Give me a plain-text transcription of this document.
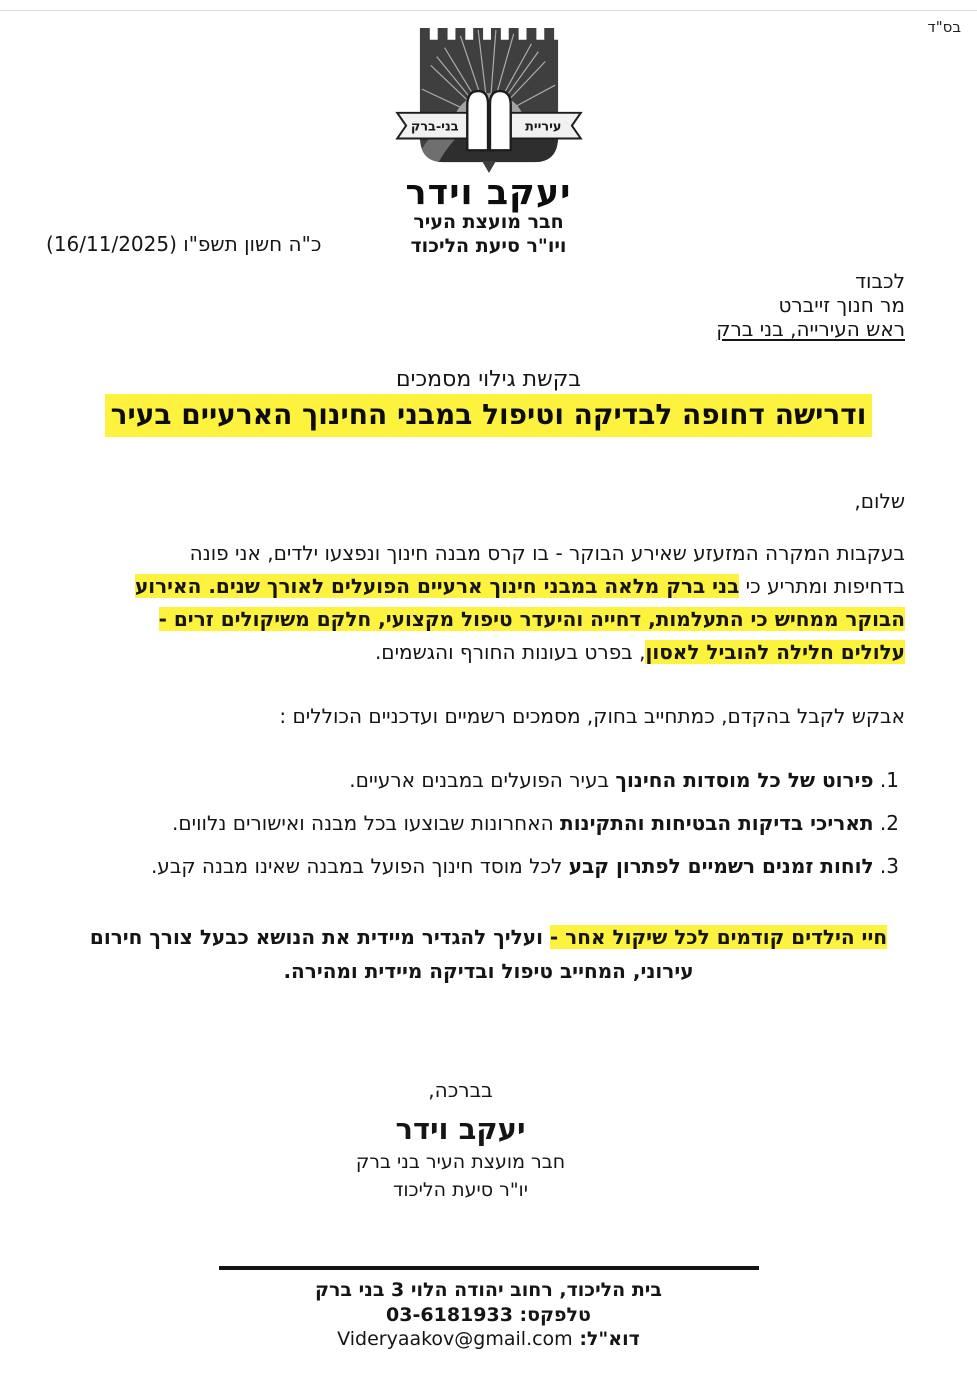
בס"ד
בני-ברק	עיריית
יעקב וידר
חבר מועצת העיר
ויו"ר סיעת הליכוד
כ"ה חשון תשפ"ו (16/11/2025)
לכבוד
מר חנוך זייברט
ראש העירייה, בני ברק
בקשת גילוי מסמכים
ודרישה דחופה לבדיקה וטיפול במבני החינוך הארעיים בעיר
שלום,
בעקבות המקרה המזעזע שאירע הבוקר - בו קרס מבנה חינוך ונפצעו ילדים, אני פונה
בדחיפות ומתריע כי בני ברק מלאה במבני חינוך ארעיים הפועלים לאורך שנים. האירוע
הבוקר ממחיש כי התעלמות, דחייה והיעדר טיפול מקצועי, חלקם משיקולים זרים -
עלולים חלילה להוביל לאסון, בפרט בעונות החורף והגשמים.
אבקש לקבל בהקדם, כמתחייב בחוק, מסמכים רשמיים ועדכניים הכוללים :
1. פירוט של כל מוסדות החינוך בעיר הפועלים במבנים ארעיים.
2. תאריכי בדיקות הבטיחות והתקינות האחרונות שבוצעו בכל מבנה ואישורים נלווים.
3. לוחות זמנים רשמיים לפתרון קבע לכל מוסד חינוך הפועל במבנה שאינו מבנה קבע.
חיי הילדים קודמים לכל שיקול אחר - ועליך להגדיר מיידית את הנושא כבעל צורך חירום
עירוני, המחייב טיפול ובדיקה מיידית ומהירה.
בברכה,
יעקב וידר
חבר מועצת העיר בני ברק
יו"ר סיעת הליכוד
בית הליכוד, רחוב יהודה הלוי 3 בני ברק
טלפקס: 03-6181933
דוא"ל: Videryaakov@gmail.com
